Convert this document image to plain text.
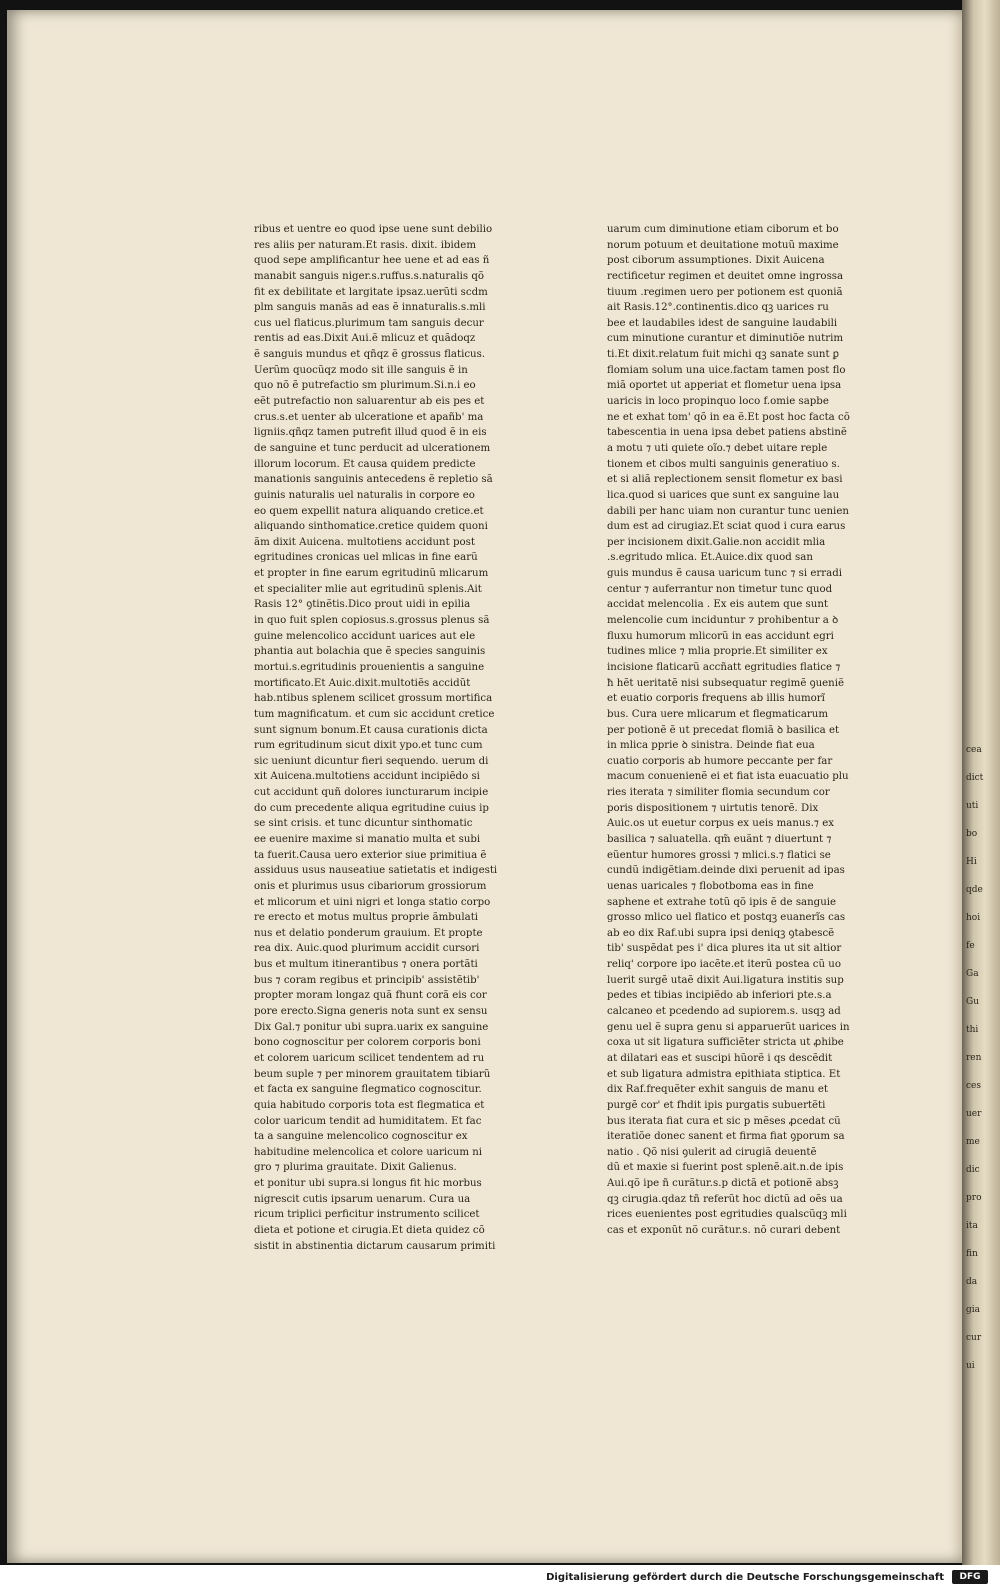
ribus et uentre eo quod ipse uene sunt debilio
res aliis per naturam.Et rasis. dixit. ibidem
quod sepe amplificantur hee uene et ad eas ñ
manabit sanguis niger.s.ruffus.s.naturalis qõ
fit ex debilitate et largitate ipsaz.uerũti scdm
plm sanguis manãs ad eas ẽ innaturalis.s.mli
cus uel flaticus.plurimum tam sanguis decur
rentis ad eas.Dixit Aui.ẽ mlicuz et quãdoqz
ẽ sanguis mundus et qñqz ẽ grossus flaticus.
Uerũm quocũqz modo sit ille sanguis ẽ in
quo nõ ẽ putrefactio sm plurimum.Si.n.i eo
eẽt putrefactio non saluarentur ab eis pes et
crus.s.et uenter ab ulceratione et apañb' ma
ligniis.qñqz tamen putrefit illud quod ẽ in eis
de sanguine et tunc perducit ad ulcerationem
illorum locorum. Et causa quidem predicte
manationis sanguinis antecedens ẽ repletio sã
guinis naturalis uel naturalis in corpore eo
eo quem expellit natura aliquando cretice.et
aliquando sinthomatice.cretice quidem quoni
ãm dixit Auicena. multotiens accidunt post
egritudines cronicas uel mlicas in fine earũ
et propter in fine earum egritudinũ mlicarum
et specialiter mlie aut egritudinũ splenis.Ait
Rasis 12° ꝯtinẽtis.Dico prout uidi in epilia
in quo fuit splen copiosus.s.grossus plenus sã
guine melencolico accidunt uarices aut ele
phantia aut bolachia que ẽ species sanguinis
mortui.s.egritudinis prouenientis a sanguine
mortificato.Et Auic.dixit.multotiẽs accidũt
hab.ntibus splenem scilicet grossum mortifica
tum magnificatum. et cum sic accidunt cretice
sunt signum bonum.Et causa curationis dicta
rum egritudinum sicut dixit ypo.et tunc cum
sic ueniunt dicuntur fieri sequendo. uerum di
xit Auicena.multotiens accidunt incipiẽdo si
cut accidunt quñ dolores iuncturarum incipie
do cum precedente aliqua egritudine cuius ip
se sint crisis. et tunc dicuntur sinthomatic
ee euenire maxime si manatio multa et subi
ta fuerit.Causa uero exterior siue primitiua ẽ
assiduus usus nauseatiue satietatis et indigesti
onis et plurimus usus cibariorum grossiorum
et mlicorum et uini nigri et longa statio corpo
re erecto et motus multus proprie ãmbulati
nus et delatio ponderum grauium. Et propte
rea dix. Auic.quod plurimum accidit cursori
bus et multum itinerantibus ⁊ onera portãti
bus ⁊ coram regibus et principib' assistẽtib'
propter moram longaz quã fhunt corã eis cor
pore erecto.Signa generis nota sunt ex sensu
Dix Gal.⁊ ponitur ubi supra.uarix ex sanguine
bono cognoscitur per colorem corporis boni
et colorem uaricum scilicet tendentem ad ru
beum suple ⁊ per minorem grauitatem tibiarũ
et facta ex sanguine flegmatico cognoscitur.
quia habitudo corporis tota est flegmatica et
color uaricum tendit ad humiditatem. Et fac
ta a sanguine melencolico cognoscitur ex
habitudine melencolica et colore uaricum ni
gro ⁊ plurima grauitate. Dixit Galienus.
et ponitur ubi supra.si longus fit hic morbus
nigrescit cutis ipsarum uenarum. Cura ua
ricum triplici perficitur instrumento scilicet
dieta et potione et cirugia.Et dieta quidez cõ
sistit in abstinentia dictarum causarum primiti
uarum cum diminutione etiam ciborum et bo
norum potuum et deuitatione motuũ maxime
post ciborum assumptiones. Dixit Auicena
rectificetur regimen et deuitet omne ingrossa
tiuum .regimen uero per potionem est quoniã
ait Rasis.12°.continentis.dico qꝫ uarices ru
bee et laudabiles idest de sanguine laudabili
cum minutione curantur et diminutiõe nutrim
ti.Et dixit.relatum fuit michi qꝫ sanate sunt ꝑ
flomiam solum una uice.factam tamen post flo
miã oportet ut apperiat et flometur uena ipsa
uaricis in loco propinquo loco f.omie sapbe
ne et exhat tom' qõ in ea ẽ.Et post hoc facta cõ
tabescentia in uena ipsa debet patiens abstinẽ
a motu ⁊ uti quiete oĩo.⁊ debet uitare reple
tionem et cibos multi sanguinis generatiuo s.
et si aliã replectionem sensit flometur ex basi
lica.quod si uarices que sunt ex sanguine lau
dabili per hanc uiam non curantur tunc uenien
dum est ad cirugiaz.Et sciat quod i cura earus
per incisionem dixit.Galie.non accidit mlia
.s.egritudo mlica. Et.Auice.dix quod san
guis mundus ẽ causa uaricum tunc ⁊ si erradi
centur ⁊ auferrantur non timetur tunc quod
accidat melencolia . Ex eis autem que sunt
melencolie cum inciduntur ⁊ prohibentur a ꝺ
fluxu humorum mlicorũ in eas accidunt egri
tudines mlice ⁊ mlia proprie.Et similiter ex
incisione flaticarũ accñatt egritudies flatice ⁊
ħ hẽt ueritatẽ nisi subsequatur regimẽ ꝯueniẽ
et euatio corporis frequens ab illis humorĩ
bus. Cura uere mlicarum et flegmaticarum
per potionẽ ẽ ut precedat flomiã ꝺ basilica et
in mlica pprie ꝺ sinistra. Deinde fiat eua
cuatio corporis ab humore peccante per far
macum conuenienẽ ei et fiat ista euacuatio plu
ries iterata ⁊ similiter flomia secundum cor
poris dispositionem ⁊ uirtutis tenorẽ. Dix
Auic.os ut euetur corpus ex ueis manus.⁊ ex
basilica ⁊ saluatella. qm̃ euãnt ⁊ diuertunt ⁊
eũentur humores grossi ⁊ mlici.s.⁊ flatici se
cundũ indigẽtiam.deinde dixi peruenit ad ipas
uenas uaricales ⁊ flobotboma eas in fine
saphene et extrahe totũ qõ ipis ẽ de sanguie
grosso mlico uel flatico et postqꝫ euanerĩs cas
ab eo dix Raf.ubi supra ipsi deniqꝫ ꝯtabescẽ
tib' suspẽdat pes i' dica plures ita ut sit altior
reliq' corpore ipo iacẽte.et iterũ postea cũ uo
luerit surgẽ utaẽ dixit Aui.ligatura institis sup
pedes et tibias incipiẽdo ab inferiori pte.s.a
calcaneo et pcedendo ad supiorem.s. usqꝫ ad
genu uel ẽ supra genu si apparuerũt uarices in
coxa ut sit ligatura sufficiẽter stricta ut ꝓhibe
at dilatari eas et suscipi hũorẽ i qs descẽdit
et sub ligatura admistra epithiata stiptica. Et
dix Raf.frequẽter exhit sanguis de manu et
purgẽ cor' et fhdit ipis purgatis subuertẽti
bus iterata fiat cura et sic p mẽses ꝓcedat cũ
iteratiõe donec sanent et firma fiat ꝯporum sa
natio . Qõ nisi ꝯulerit ad cirugiã deuentẽ
dũ et maxie si fuerint post splenẽ.ait.n.de ipis
Aui.qõ ipe ñ curãtur.s.p dictã et potionẽ absꝫ
qꝫ cirugia.qdaz tñ referũt hoc dictũ ad oẽs ua
rices euenientes post egritudies qualscũqꝫ mli
cas et exponũt nõ curãtur.s. nõ curari debent
cea
dict
uti
bo
Hi
qde
hoi
fe
Ga
Gu
thi
ren
ces
uer
me
dic
pro
ita
fin
da
gia
cur
ui
Digitalisierung gefördert durch die Deutsche Forschungsgemeinschaft	DFG
